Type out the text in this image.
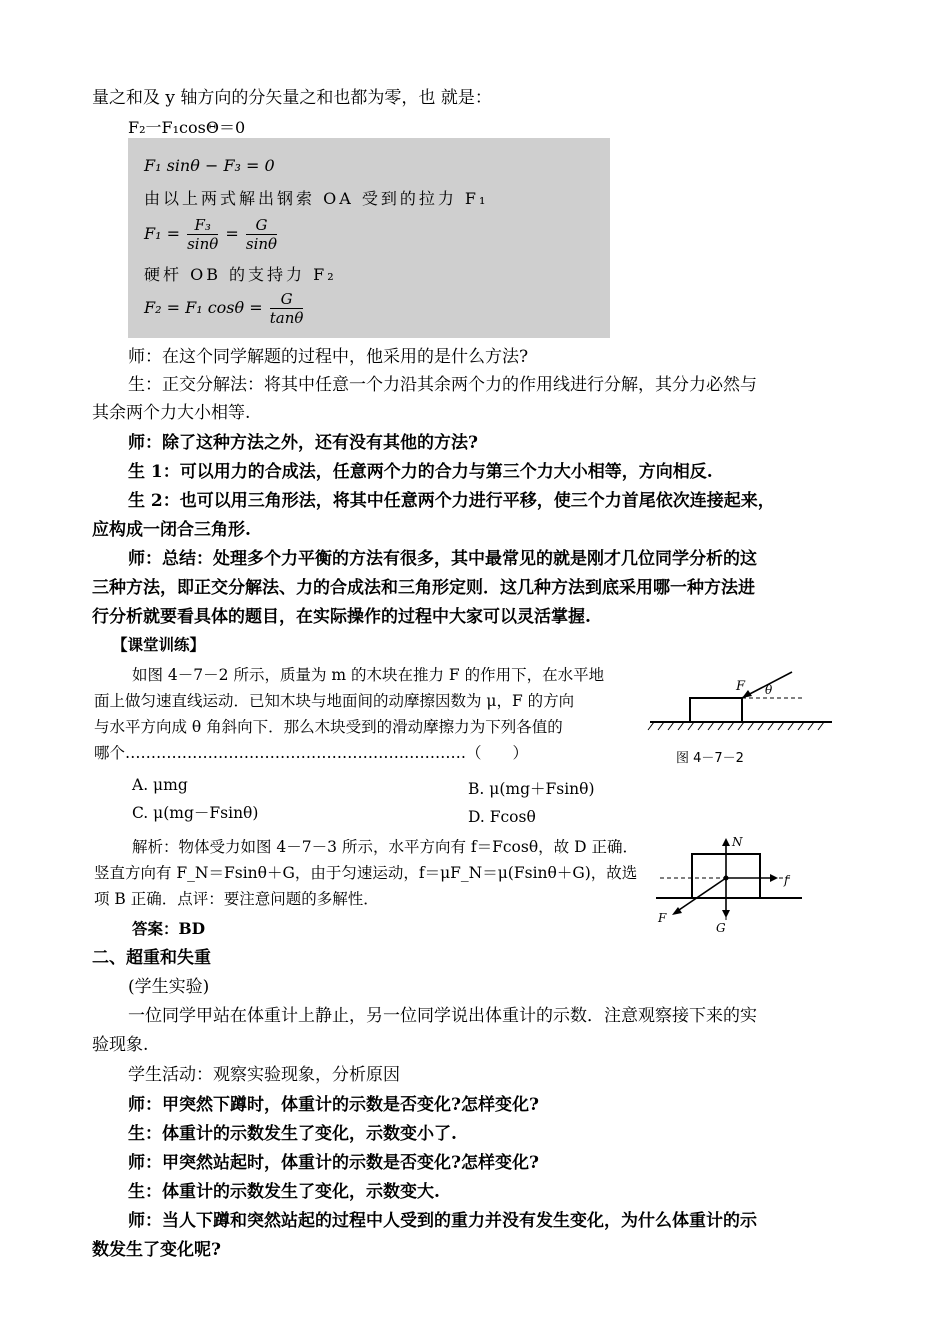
量之和及 y 轴方向的分矢量之和也都为零，也 就是：
F₂一F₁cosΘ＝0
F₁ sinθ − F₃ = 0
由以上两式解出钢索 OA 受到的拉力 F₁
$F_1 = \frac{\text{F₃}}{\sin\theta} = \frac{G}{\sin\theta}$
硬杆 OB 的支持力 F₂
F₂ = F₁ $\cos\theta = \frac{G}{\tan\theta}$
师：在这个同学解题的过程中，他采用的是什么方法?
生：正交分解法：将其中任意一个力沿其余两个力的作用线进行分解，其分力必然与
其余两个力大小相等.
师：除了这种方法之外，还有没有其他的方法?
生 1：可以用力的合成法，任意两个力的合力与第三个力大小相等，方向相反.
生 2：也可以用三角形法，将其中任意两个力进行平移，使三个力首尾依次连接起来，
应构成一闭合三角形.
师：总结：处理多个力平衡的方法有很多，其中最常见的就是刚才几位同学分析的这
三种方法，即正交分解法、力的合成法和三角形定则．这几种方法到底采用哪一种方法进
行分析就要看具体的题目，在实际操作的过程中大家可以灵活掌握.
【课堂训练】
如图 4－7－2 所示，质量为 m 的木块在推力 F 的作用下，在水平地
面上做匀速直线运动．已知木块与地面间的动摩擦因数为 μ，F 的方向
与水平方向成 θ 角斜向下．那么木块受到的滑动摩擦力为下列各值的
哪个…………………………………………………………（　　）
A. μmg	B. μ(mg＋Fsinθ)
C. μ(mg－Fsinθ)	D. Fcosθ
解析：物体受力如图 4－7－3 所示，水平方向有 f＝Fcosθ，故 D 正确．
竖直方向有 F_N＝Fsinθ＋G，由于匀速运动，f＝μF_N＝μ(Fsinθ＋G)，故选
项 B 正确．点评：要注意问题的多解性．
答案：BD
F θ
图 4－7－2
N
f
F
G
二、超重和失重
(学生实验)
一位同学甲站在体重计上静止，另一位同学说出体重计的示数．注意观察接下来的实
验现象.
学生活动：观察实验现象，分析原因
师：甲突然下蹲时，体重计的示数是否变化?怎样变化?
生：体重计的示数发生了变化，示数变小了.
师：甲突然站起时，体重计的示数是否变化?怎样变化?
生：体重计的示数发生了变化，示数变大.
师：当人下蹲和突然站起的过程中人受到的重力并没有发生变化，为什么体重计的示
数发生了变化呢?
